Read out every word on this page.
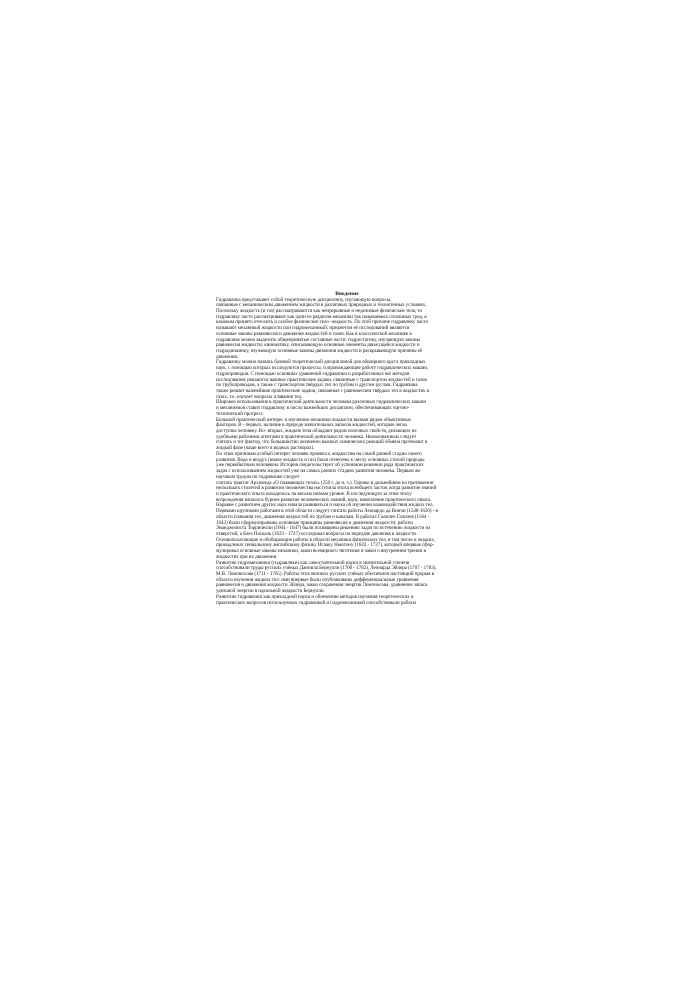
Введение
Гидравлика представляет собой теоретическую дисциплину, изучающую вопросы,
связанные с механическим движением жидкости в различных природных и техногенных условиях.
Поскольку жидкость (и газ) рассматриваются как непрерывные и неделимые физические тела, то
гидравлику часто рассматривают как один из разделов механики так называемых сплошных сред, к
каковым принято относить и особое физическое тело -жидкость. По этой причине гидравлику часто
называют механикой жидкости или гидромеханикой; предметом её исследований являются
основные законы равновесия и движения жидкостей и газов. Как в классической механике в
гидравлике можно выделить общепринятые составные части: гидростатику, изучающую законы
равновесия жидкости; кинематику, описывающую основные элементы движущейся жидкости и
гидродинамику, изучающую основные законы движения жидкости и раскрывающую причины её
движения.
Гидравлику можно назвать базовой теоретической дисциплиной для обширного круга прикладных
наук, с помощью которых исследуются процессы, сопровождающие работу гидравлических машин,
гидроприводов. С помощью основных уравнений гидравлики и разработанных ею методов
исследования, решаются важные практические задачи, связанные с транспортом жидкостей и газов
по трубопроводам, а также с транспортом твёрдых тел по трубам и другим руслам. Гидравлика
также решает важнейшие практические задачи, связанные с равновесием твёрдых тел в жидкостях и
газах, т.е. изучает вопросы плавания тел.
Широкое использование в практической деятельности человека различных гидравлических машин
и механизмов ставит гидравлику в число важнейших дисциплин, обеспечивающих научно-
технический прогресс.
Большой практический интерес к изучению механики жидкости вызван рядом объективных
факторов. В - первых, наличие в природе значительных запасов жидкостей, которые легко
доступны человеку. Во- вторых, жидкие тела обладают рядом полезных свойств, делающих их
удобными рабочими агентами в практической деятельности человека. Немаловажным следует
считать и тот фактор, что большинство жизненно важных химических реакций обмена протекают в
жидкой фазе (чаще всего в водных растворах).
По этим причинам особый интерес человек проявил к жидкостям на самой ранней стадии своего
развития. Вода и воздух (иначе жидкость и газ) были отнесены к числу основных стихий природы
уже первобытным человеком. История свидетельствует об успешном решении ряда практических
задач с использованием жидкостей уже на самых ранних стадиях развития человека. Первым же
научным трудом по гидравлике следует
считать трактат Архимеда «О плавающих телах» (250 г. до н. э.). Однако в дальнейшем на протяжении
нескольких столетий в развитии человечества наступила эпоха всеобщего застоя, когда развитие знаний
и практического опыта находилось на весьма низком уровне. В последующую за этим эпоху
возрождения началось бурное развитие человеческих знаний, наук, накопление практического опыта.
Наравне с развитием других наук начала развиваться и наука об изучении взаимодействия жидких тел.
Первыми крупными работами в этой области следует считать работы Леонардо да Винчи (1548-1620) - в
области плавания тел, движения жидкостей по трубам и каналам. В работах Галилео Галилея (1564 -
1642) были сформулированы основные принципы равновесия и движения жидкости; работы
Эванджелиста Торричелли (1604 - 1647) были посвящены решению задач по истечению жидкости из
отверстий, а Блез Паскаль (1623 - 1727) исследовал вопросы по передаче давления в жидкости.
Основополагающие и обобщающие работы в области механики физических тел, в том числе и жидких,
принадлежат гениальному английскому физику Исааку Ньютону (1643 - 1727), который впервые сфор-
мулировал основные законы механики, закон всемирного тяготения и закон о внутреннем трении в
жидкостях при их движении.
Развитию гидромеханики (гидравлики) как самостоятельной науки в значительной степени
способствовали труды русских учёных Даниила Бернулли (1700 - 1782), Леонарда Эйлера (1707 - 1783),
М.В. Ломоносова (1711 - 1765). Работы этих великих русских учёных обеспечили настоящий прорыв в
области изучения жидких тел: ими впервые были опубликованы дифференциальные уравнения
равновесия и движения жидкости Эйлера, закон сохранения энергии Ломоносова, уравнение запаса
удельной энергии в идеальной жидкости Бернулли.
Развитию гидравлики как прикладной науки и облечению методов изучения теоретических и
практических вопросов используемых гидравликой и гидромеханикой способствовали работы
